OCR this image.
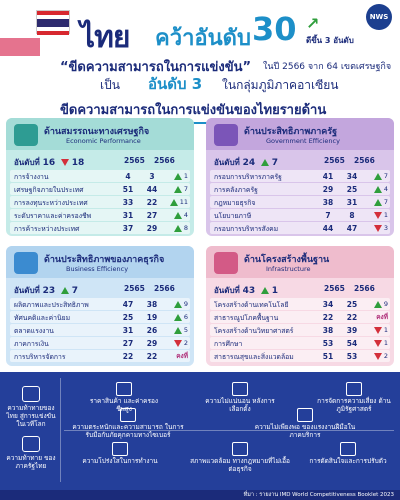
NWS
ไทย คว้าอันดับ 30 ↗
ดีขึ้น 3 อันดับ
“ขีดความสามารถในการแข่งขัน” ในปี 2566 จาก 64 เขตเศรษฐกิจ
เป็น อันดับ 3 ในกลุ่มภูมิภาคอาเซียน
ขีดความสามารถในการแข่งขันของไทยรายด้าน
ด้านสมรรถนะทางเศรษฐกิจ
Economic Performance
อันดับที่ 16 18	2565 2566
การจ้างงาน	4	3	1
เศรษฐกิจภายในประเทศ	51	44	7
การลงทุนระหว่างประเทศ	33	22	11
ระดับราคาและค่าครองชีพ	31	27	4
การค้าระหว่างประเทศ	37	29	8
ด้านประสิทธิภาพภาครัฐ
Government Efficiency
อันดับที่ 24 7	2565 2566
กรอบการบริหารภาครัฐ	41	34	7
การคลังภาครัฐ	29	25	4
กฎหมายธุรกิจ	38	31	7
นโยบายภาษี	7	8	1
กรอบการบริหารสังคม	44	47	3
ด้านประสิทธิภาพของภาคธุรกิจ
Business Efficiency
อันดับที่ 23 7	2565 2566
ผลิตภาพและประสิทธิภาพ	47	38	9
ทัศนคติและค่านิยม	25	19	6
ตลาดแรงงาน	31	26	5
ภาคการเงิน	27	29	2
การบริหารจัดการ	22	22	คงที่
ด้านโครงสร้างพื้นฐาน
Infrastructure
อันดับที่ 43 1	2565 2566
โครงสร้างด้านเทคโนโลยี	34	25	9
สาธารณูปโภคพื้นฐาน	22	22	คงที่
โครงสร้างด้านวิทยาศาสตร์	38	39	1
การศึกษา	53	54	1
สาธารณสุขและสิ่งแวดล้อม	51	53	2
ความท้าทายของไทย สู่การแข่งขันในเวทีโลก
ความท้าทาย ของภาครัฐไทย
ราคาสินค้า และค่าครองชีพสูง
ความไม่แน่นอน หลังการเลือกตั้ง
การจัดการความเสี่ยง ด้านภูมิรัฐศาสตร์
ความตระหนักและความสามารถ ในการรับมือกับภัยคุกคามทางไซเบอร์
ความไม่เพียงพอ ของแรงงานฝีมือในภาคบริการ
ความโปร่งใสในการทำงาน	สภาพแวดล้อม ทางกฎหมายที่ไม่เอื้อต่อธุรกิจ
การตัดสินใจและการปรับตัว
ที่มา : รายงาน IMD World Competitiveness Booklet 2023
